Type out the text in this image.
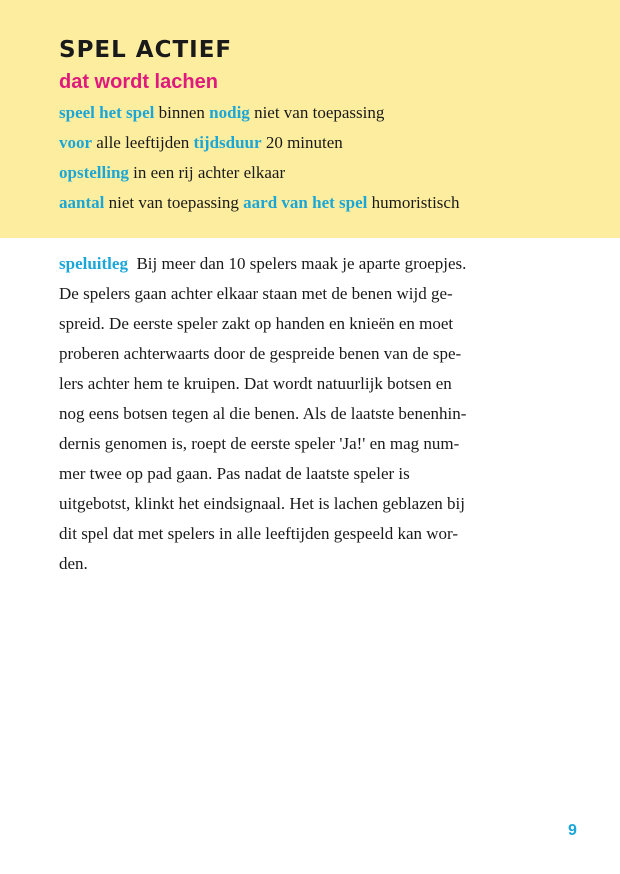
SPEL ACTIEF
dat wordt lachen
speel het spel binnen nodig niet van toepassing
voor alle leeftijden tijdsduur 20 minuten
opstelling in een rij achter elkaar
aantal niet van toepassing aard van het spel humoristisch
speluitleg Bij meer dan 10 spelers maak je aparte groepjes.
De spelers gaan achter elkaar staan met de benen wijd ge-
spreid. De eerste speler zakt op handen en knieën en moet
proberen achterwaarts door de gespreide benen van de spe-
lers achter hem te kruipen. Dat wordt natuurlijk botsen en
nog eens botsen tegen al die benen. Als de laatste benenhin-
dernis genomen is, roept de eerste speler 'Ja!' en mag num-
mer twee op pad gaan. Pas nadat de laatste speler is
uitgebotst, klinkt het eindsignaal. Het is lachen geblazen bij
dit spel dat met spelers in alle leeftijden gespeeld kan wor-
den.
9
